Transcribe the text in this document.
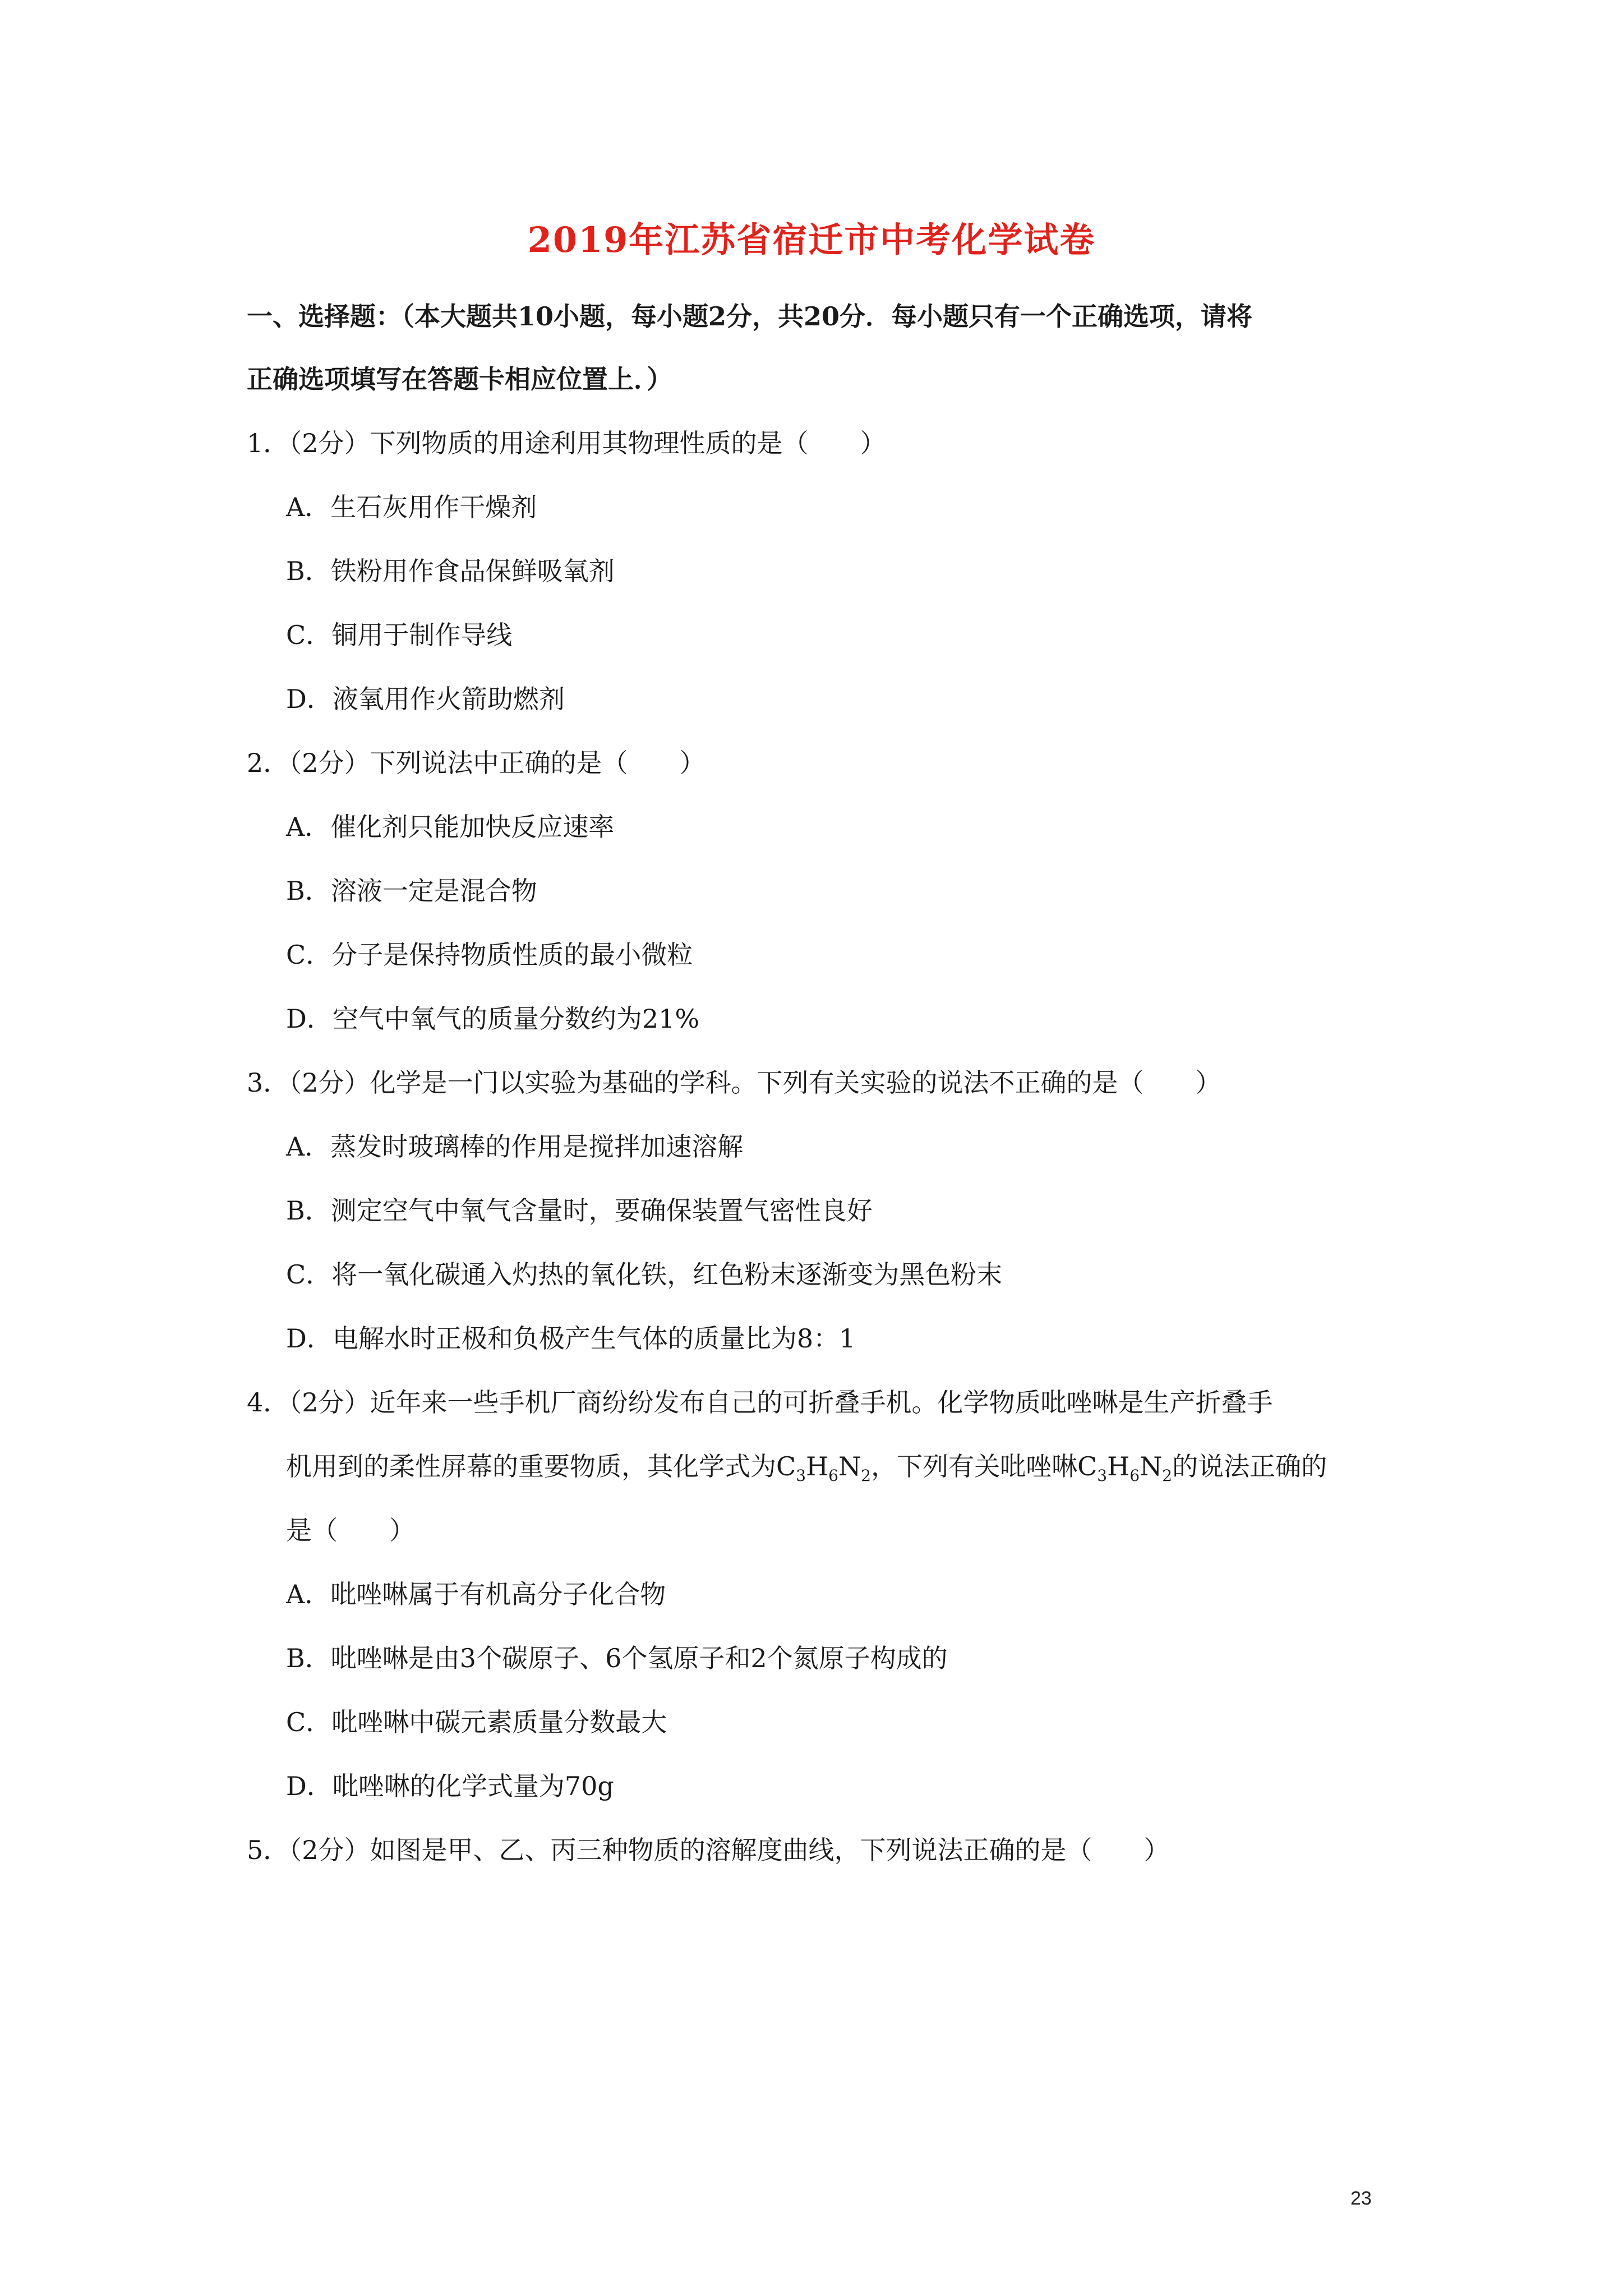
2019年江苏省宿迁市中考化学试卷

一、选择题：（本大题共10小题，每小题2分，共20分．每小题只有一个正确选项，请将

正确选项填写在答题卡相应位置上．）

1．（2分）下列物质的用途利用其物理性质的是（　　）

A．生石灰用作干燥剂

B．铁粉用作食品保鲜吸氧剂

C．铜用于制作导线

D．液氧用作火箭助燃剂

2．（2分）下列说法中正确的是（　　）

A．催化剂只能加快反应速率

B．溶液一定是混合物

C．分子是保持物质性质的最小微粒

D．空气中氧气的质量分数约为21%

3．（2分）化学是一门以实验为基础的学科。下列有关实验的说法不正确的是（　　）

A．蒸发时玻璃棒的作用是搅拌加速溶解

B．测定空气中氧气含量时，要确保装置气密性良好

C．将一氧化碳通入灼热的氧化铁，红色粉末逐渐变为黑色粉末

D．电解水时正极和负极产生气体的质量比为8：1

4．（2分）近年来一些手机厂商纷纷发布自己的可折叠手机。化学物质吡唑啉是生产折叠手

机用到的柔性屏幕的重要物质，其化学式为$C_3H_6N_2$，下列有关吡唑啉$C_3H_6N_2$的说法正确的

是（　　）

A．吡唑啉属于有机高分子化合物

B．吡唑啉是由3个碳原子、6个氢原子和2个氮原子构成的

C．吡唑啉中碳元素质量分数最大

D．吡唑啉的化学式量为70g

5．（2分）如图是甲、乙、丙三种物质的溶解度曲线，下列说法正确的是（　　）

23
